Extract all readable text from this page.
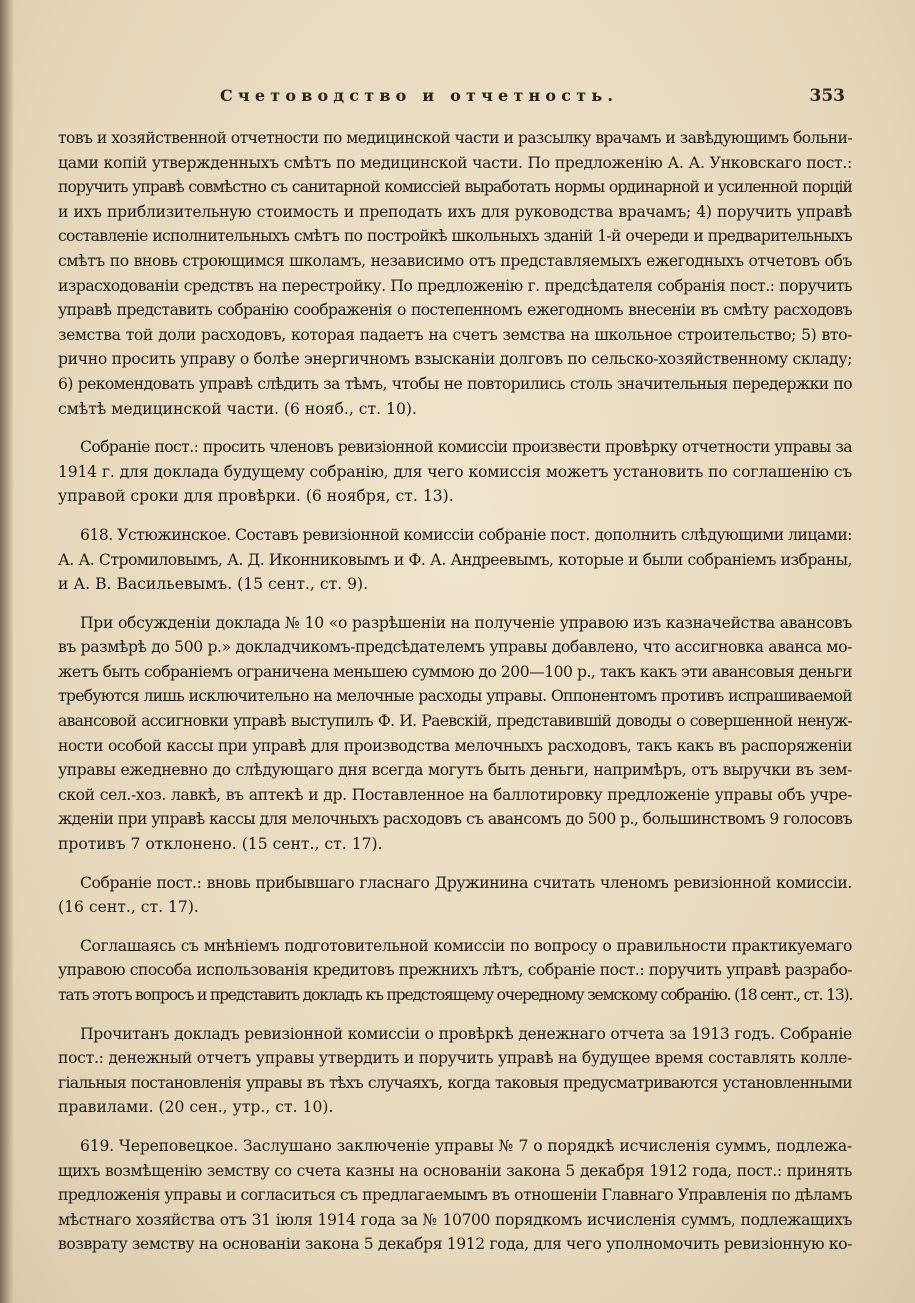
Счетоводство и отчетность.	353

товъ и хозяйственной отчетности по медицинской части и разсылку врачамъ и завѣдующимъ больни-
цами копій утвержденныхъ смѣтъ по медицинской части. По предложенію А. А. Унковскаго пост.:
поручить управѣ совмѣстно съ санитарной комиссіей выработать нормы ординарной и усиленной порцій
и ихъ приблизительную стоимость и преподать ихъ для руководства врачамъ; 4) поручить управѣ
составленіе исполнительныхъ смѣтъ по постройкѣ школьныхъ зданій 1-й очереди и предварительныхъ
смѣтъ по вновь строющимся школамъ, независимо отъ представляемыхъ ежегодныхъ отчетовъ объ
израсходованіи средствъ на перестройку. По предложенію г. предсѣдателя собранія пост.: поручить
управѣ представить собранію соображенія о постепенномъ ежегодномъ внесеніи въ смѣту расходовъ
земства той доли расходовъ, которая падаетъ на счетъ земства на школьное строительство; 5) вто-
рично просить управу о болѣе энергичномъ взысканіи долговъ по сельско-хозяйственному складу;
6) рекомендовать управѣ слѣдить за тѣмъ, чтобы не повторились столь значительныя передержки по
смѣтѣ медицинской части. (6 нояб., ст. 10).

Собраніе пост.: просить членовъ ревизіонной комиссіи произвести провѣрку отчетности управы за
1914 г. для доклада будущему собранію, для чего комиссія можетъ установить по соглашенію съ
управой сроки для провѣрки. (6 ноября, ст. 13).

618. Устюжинское. Составъ ревизіонной комиссіи собраніе пост. дополнить слѣдующими лицами:
А. А. Стромиловымъ, А. Д. Иконниковымъ и Ф. А. Андреевымъ, которые и были собраніемъ избраны,
и А. В. Васильевымъ. (15 сент., ст. 9).

При обсужденіи доклада № 10 «о разрѣшеніи на полученіе управою изъ казначейства авансовъ
въ размѣрѣ до 500 р.» докладчикомъ-предсѣдателемъ управы добавлено, что ассигновка аванса мо-
жетъ быть собраніемъ ограничена меньшею суммою до 200—100 р., такъ какъ эти авансовыя деньги
требуются лишь исключительно на мелочные расходы управы. Оппонентомъ противъ испрашиваемой
авансовой ассигновки управѣ выступилъ Ф. И. Раевскій, представившій доводы о совершенной ненуж-
ности особой кассы при управѣ для производства мелочныхъ расходовъ, такъ какъ въ распоряженіи
управы ежедневно до слѣдующаго дня всегда могутъ быть деньги, напримѣръ, отъ выручки въ зем-
ской сел.-хоз. лавкѣ, въ аптекѣ и др. Поставленное на баллотировку предложеніе управы объ учре-
жденіи при управѣ кассы для мелочныхъ расходовъ съ авансомъ до 500 р., большинствомъ 9 голосовъ
противъ 7 отклонено. (15 сент., ст. 17).

Собраніе пост.: вновь прибывшаго гласнаго Дружинина считать членомъ ревизіонной комиссіи.
(16 сент., ст. 17).

Соглашаясь съ мнѣніемъ подготовительной комиссіи по вопросу о правильности практикуемаго
управою способа использованія кредитовъ прежнихъ лѣтъ, собраніе пост.: поручить управѣ разрабо-
тать этотъ вопросъ и представить докладъ къ предстоящему очередному земскому собранію. (18 сент., ст. 13).

Прочитанъ докладъ ревизіонной комиссіи о провѣркѣ денежнаго отчета за 1913 годъ. Собраніе
пост.: денежный отчетъ управы утвердить и поручить управѣ на будущее время составлять колле-
гіальныя постановленія управы въ тѣхъ случаяхъ, когда таковыя предусматриваются установленными
правилами. (20 сен., утр., ст. 10).

619. Череповецкое. Заслушано заключеніе управы № 7 о порядкѣ исчисленія суммъ, подлежа-
щихъ возмѣщенію земству со счета казны на основаніи закона 5 декабря 1912 года, пост.: принять
предложенія управы и согласиться съ предлагаемымъ въ отношеніи Главнаго Управленія по дѣламъ
мѣстнаго хозяйства отъ 31 іюля 1914 года за № 10700 порядкомъ исчисленія суммъ, подлежащихъ
возврату земству на основаніи закона 5 декабря 1912 года, для чего уполномочить ревизіонную ко-
